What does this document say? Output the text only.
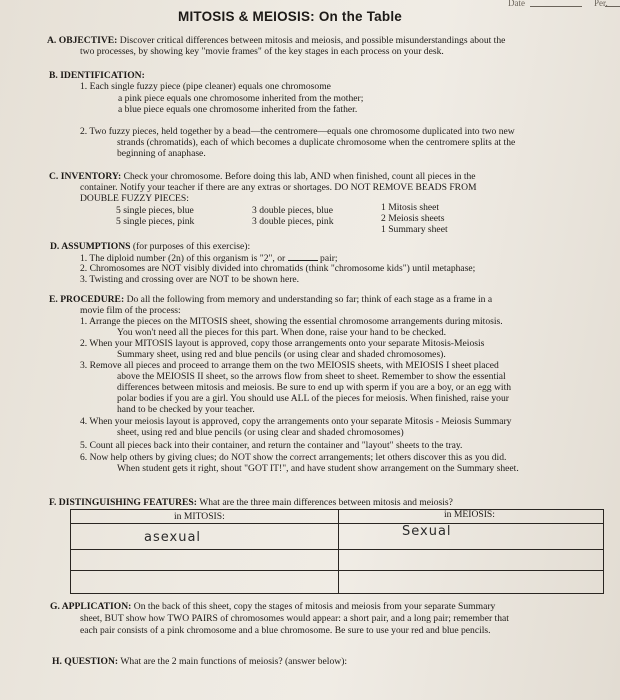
Date	Per.
MITOSIS & MEIOSIS: On the Table
A. OBJECTIVE: Discover critical differences between mitosis and meiosis, and possible misunderstandings about the
two processes, by showing key "movie frames" of the key stages in each process on your desk.
B. IDENTIFICATION:
1. Each single fuzzy piece (pipe cleaner) equals one chromosome
a pink piece equals one chromosome inherited from the mother;
a blue piece equals one chromosome inherited from the father.
2. Two fuzzy pieces, held together by a bead—the centromere—equals one chromosome duplicated into two new
strands (chromatids), each of which becomes a duplicate chromosome when the centromere splits at the
beginning of anaphase.
C. INVENTORY: Check your chromosome. Before doing this lab, AND when finished, count all pieces in the
container. Notify your teacher if there are any extras or shortages. DO NOT REMOVE BEADS FROM
DOUBLE FUZZY PIECES:
5 single pieces, blue
5 single pieces, pink
3 double pieces, blue
3 double pieces, pink
1 Mitosis sheet
2 Meiosis sheets
1 Summary sheet
D. ASSUMPTIONS (for purposes of this exercise):
1. The diploid number (2n) of this organism is "2", or	pair;
2. Chromosomes are NOT visibly divided into chromatids (think "chromosome kids") until metaphase;
3. Twisting and crossing over are NOT to be shown here.
E. PROCEDURE: Do all the following from memory and understanding so far; think of each stage as a frame in a
movie film of the process:
1. Arrange the pieces on the MITOSIS sheet, showing the essential chromosome arrangements during mitosis.
You won't need all the pieces for this part. When done, raise your hand to be checked.
2. When your MITOSIS layout is approved, copy those arrangements onto your separate Mitosis-Meiosis
Summary sheet, using red and blue pencils (or using clear and shaded chromosomes).
3. Remove all pieces and proceed to arrange them on the two MEIOSIS sheets, with MEIOSIS I sheet placed
above the MEIOSIS II sheet, so the arrows flow from sheet to sheet. Remember to show the essential
differences between mitosis and meiosis. Be sure to end up with sperm if you are a boy, or an egg with
polar bodies if you are a girl. You should use ALL of the pieces for meiosis. When finished, raise your
hand to be checked by your teacher.
4. When your meiosis layout is approved, copy the arrangements onto your separate Mitosis - Meiosis Summary
sheet, using red and blue pencils (or using clear and shaded chromosomes)
5. Count all pieces back into their container, and return the container and "layout" sheets to the tray.
6. Now help others by giving clues; do NOT show the correct arrangements; let others discover this as you did.
When student gets it right, shout "GOT IT!", and have student show arrangement on the Summary sheet.
F. DISTINGUISHING FEATURES: What are the three main differences between mitosis and meiosis?
in MITOSIS:	in MEIOSIS:
asexual	Sexual
G. APPLICATION: On the back of this sheet, copy the stages of mitosis and meiosis from your separate Summary
sheet, BUT show how TWO PAIRS of chromosomes would appear: a short pair, and a long pair; remember that
each pair consists of a pink chromosome and a blue chromosome. Be sure to use your red and blue pencils.
H. QUESTION: What are the 2 main functions of meiosis? (answer below):
